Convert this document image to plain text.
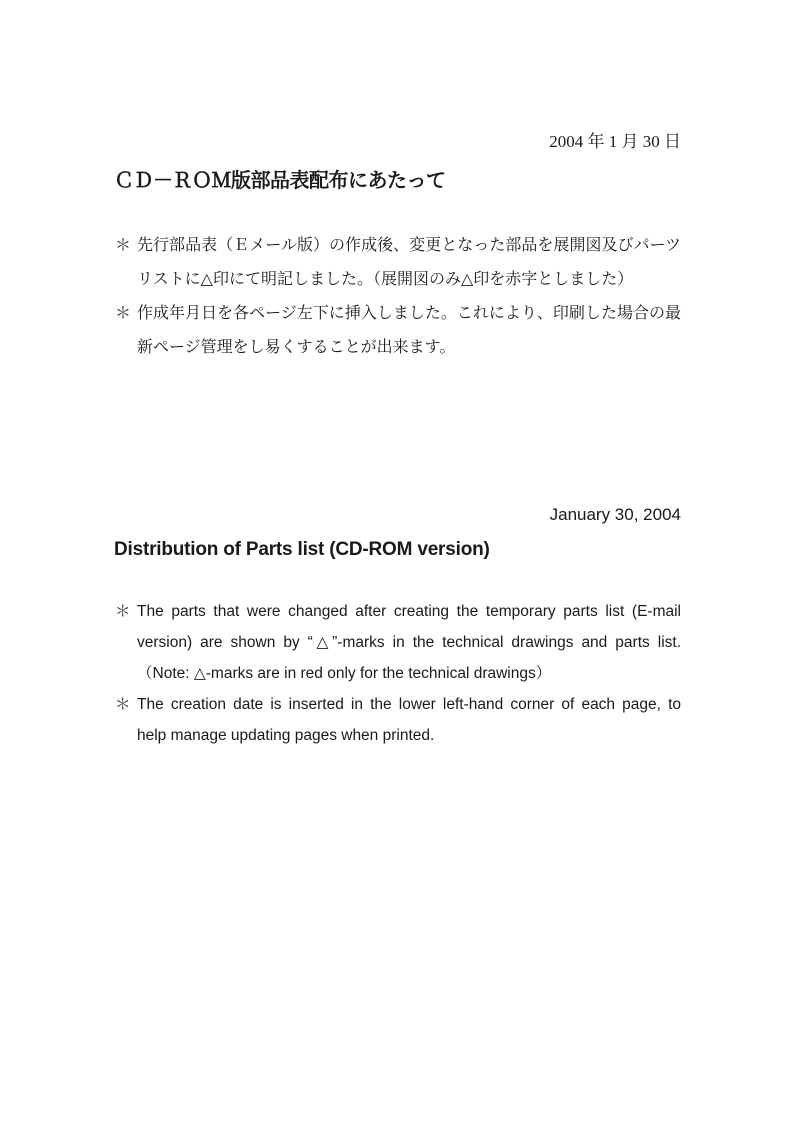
2004 年 1 月 30 日
ＣＤ－ＲＯＭ版部品表配布にあたって
＊ 先行部品表（Ｅメール版）の作成後、変更となった部品を展開図及びパーツ
リストに△印にて明記しました。（展開図のみ△印を赤字としました）
＊ 作成年月日を各ページ左下に挿入しました。これにより、印刷した場合の最
新ページ管理をし易くすることが出来ます。
January 30, 2004
Distribution of Parts list (CD-ROM version)
＊ The parts that were changed after creating the temporary parts list (E-mail
version) are shown by “△”-marks in the technical drawings and parts list.
（Note: △-marks are in red only for the technical drawings）
＊ The creation date is inserted in the lower left-hand corner of each page, to
help manage updating pages when printed.
